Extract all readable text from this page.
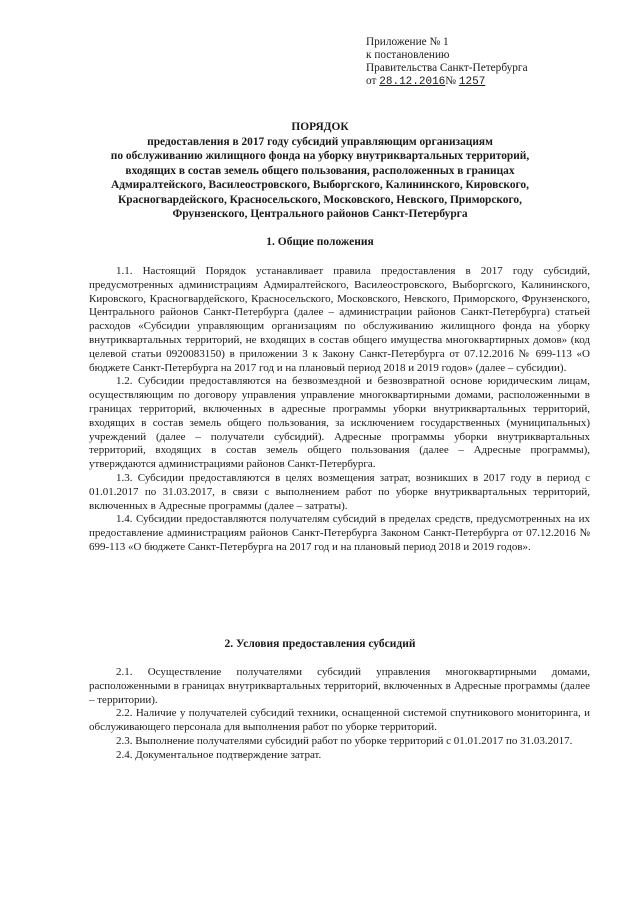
Приложение № 1
к постановлению
Правительства Санкт-Петербурга
от 28.12.2016№ 1257
ПОРЯДОК
предоставления в 2017 году субсидий управляющим организациям
по обслуживанию жилищного фонда на уборку внутриквартальных территорий,
входящих в состав земель общего пользования, расположенных в границах
Адмиралтейского, Василеостровского, Выборгского, Калининского, Кировского,
Красногвардейского, Красносельского, Московского, Невского, Приморского,
Фрунзенского, Центрального районов Санкт-Петербурга
1. Общие положения

1.1. Настоящий Порядок устанавливает правила предоставления в 2017 году субсидий, предусмотренных администрациям Адмиралтейского, Василеостровского, Выборгского, Калининского, Кировского, Красногвардейского, Красносельского, Московского, Невского, Приморского, Фрунзенского, Центрального районов Санкт-Петербурга (далее – администрации районов Санкт-Петербурга) статьей расходов «Субсидии управляющим организациям по обслуживанию жилищного фонда на уборку внутриквартальных территорий, не входящих в состав общего имущества многоквартирных домов» (код целевой статьи 0920083150) в приложении 3 к Закону Санкт-Петербурга от 07.12.2016 № 699-113 «О бюджете Санкт-Петербурга на 2017 год и на плановый период 2018 и 2019 годов» (далее – субсидии).

1.2. Субсидии предоставляются на безвозмездной и безвозвратной основе юридическим лицам, осуществляющим по договору управления управление многоквартирными домами, расположенными в границах территорий, включенных в адресные программы уборки внутриквартальных территорий, входящих в состав земель общего пользования, за исключением государственных (муниципальных) учреждений (далее – получатели субсидий). Адресные программы уборки внутриквартальных территорий, входящих в состав земель общего пользования (далее – Адресные программы), утверждаются администрациями районов Санкт-Петербурга.

1.3. Субсидии предоставляются в целях возмещения затрат, возникших в 2017 году в период с 01.01.2017 по 31.03.2017, в связи с выполнением работ по уборке внутриквартальных территорий, включенных в Адресные программы (далее – затраты).

1.4. Субсидии предоставляются получателям субсидий в пределах средств, предусмотренных на их предоставление администрациям районов Санкт-Петербурга Законом Санкт-Петербурга от 07.12.2016 № 699-113 «О бюджете Санкт-Петербурга на 2017 год и на плановый период 2018 и 2019 годов».

2. Условия предоставления субсидий

2.1. Осуществление получателями субсидий управления многоквартирными домами, расположенными в границах внутриквартальных территорий, включенных в Адресные программы (далее – территории).

2.2. Наличие у получателей субсидий техники, оснащенной системой спутникового мониторинга, и обслуживающего персонала для выполнения работ по уборке территорий.

2.3. Выполнение получателями субсидий работ по уборке территорий с 01.01.2017 по 31.03.2017.

2.4. Документальное подтверждение затрат.
